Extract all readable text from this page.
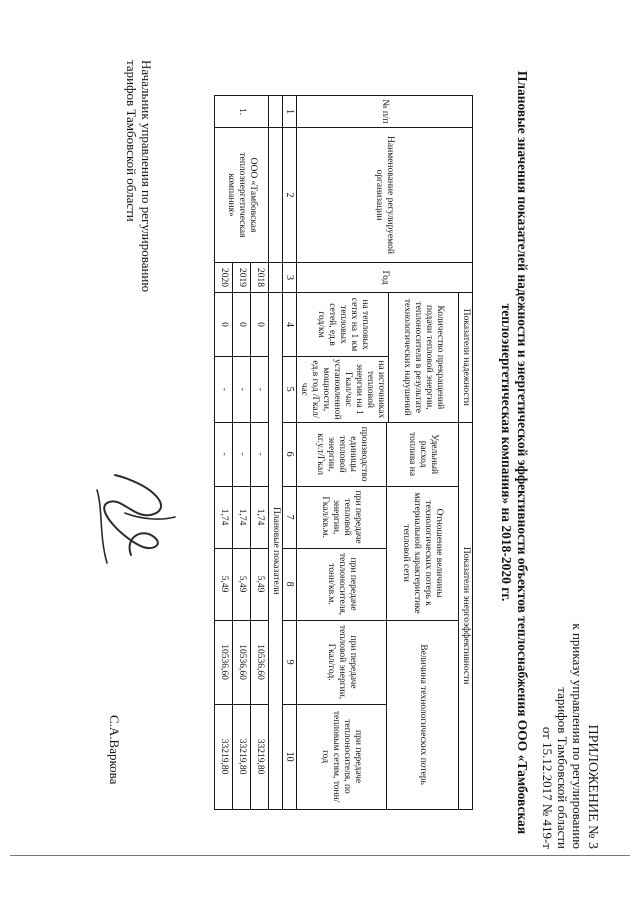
ПРИЛОЖЕНИЕ № 3
к приказу управления по регулированию
тарифов Тамбовской области
от 15.12.2017 № 419-т
Плановые значения показателей надежности и энергетической эффективности объектов теплоснабжения ООО «Тамбовская
теплоэнергетическая компания» на 2018-2020 гг.
№ п/п	Наименование регулируемой организации	Год	Показатели надежности		Показатели энергоэффективности				
			Количество прекращений подачи тепловой энергии, теплоносителя в результате технологических нарушений		Удельный расход топлива на	Отношение величины технологических потерь к материальной характеристике тепловой сети		Величина технологических потерь	
			на тепловых сетях на 1 км тепловых сетей, ед.в год/км	на источниках тепловой энергии на 1 Гкал/час установленной мощности, ед.в год /Гкал/час					
					производство единицы тепловой энергии, кг.у.т/Гкал	при передаче тепловой энергии, Гкал/кв.м.	при передаче теплоносителя, тонн/кв.м.	при передаче тепловой энергии, Гкал/год.	при передаче теплоносителя, по тепловым сетям, тонн/год
1	2	3	4	5	6	7	8	9	10
			Плановые показатели						
1.	ООО «Тамбовская теплоэнергетическая компания»	2018	0	-	-	1,74	5,49	10536,60	33219,80
		2019	0	-	-	1,74	5,49	10536,60	33219,80
		2020	0	-	-	1,74	5,49	10536,60	33219,80
Начальник управления по регулированию
тарифов Тамбовской области
С.А.Варкова
